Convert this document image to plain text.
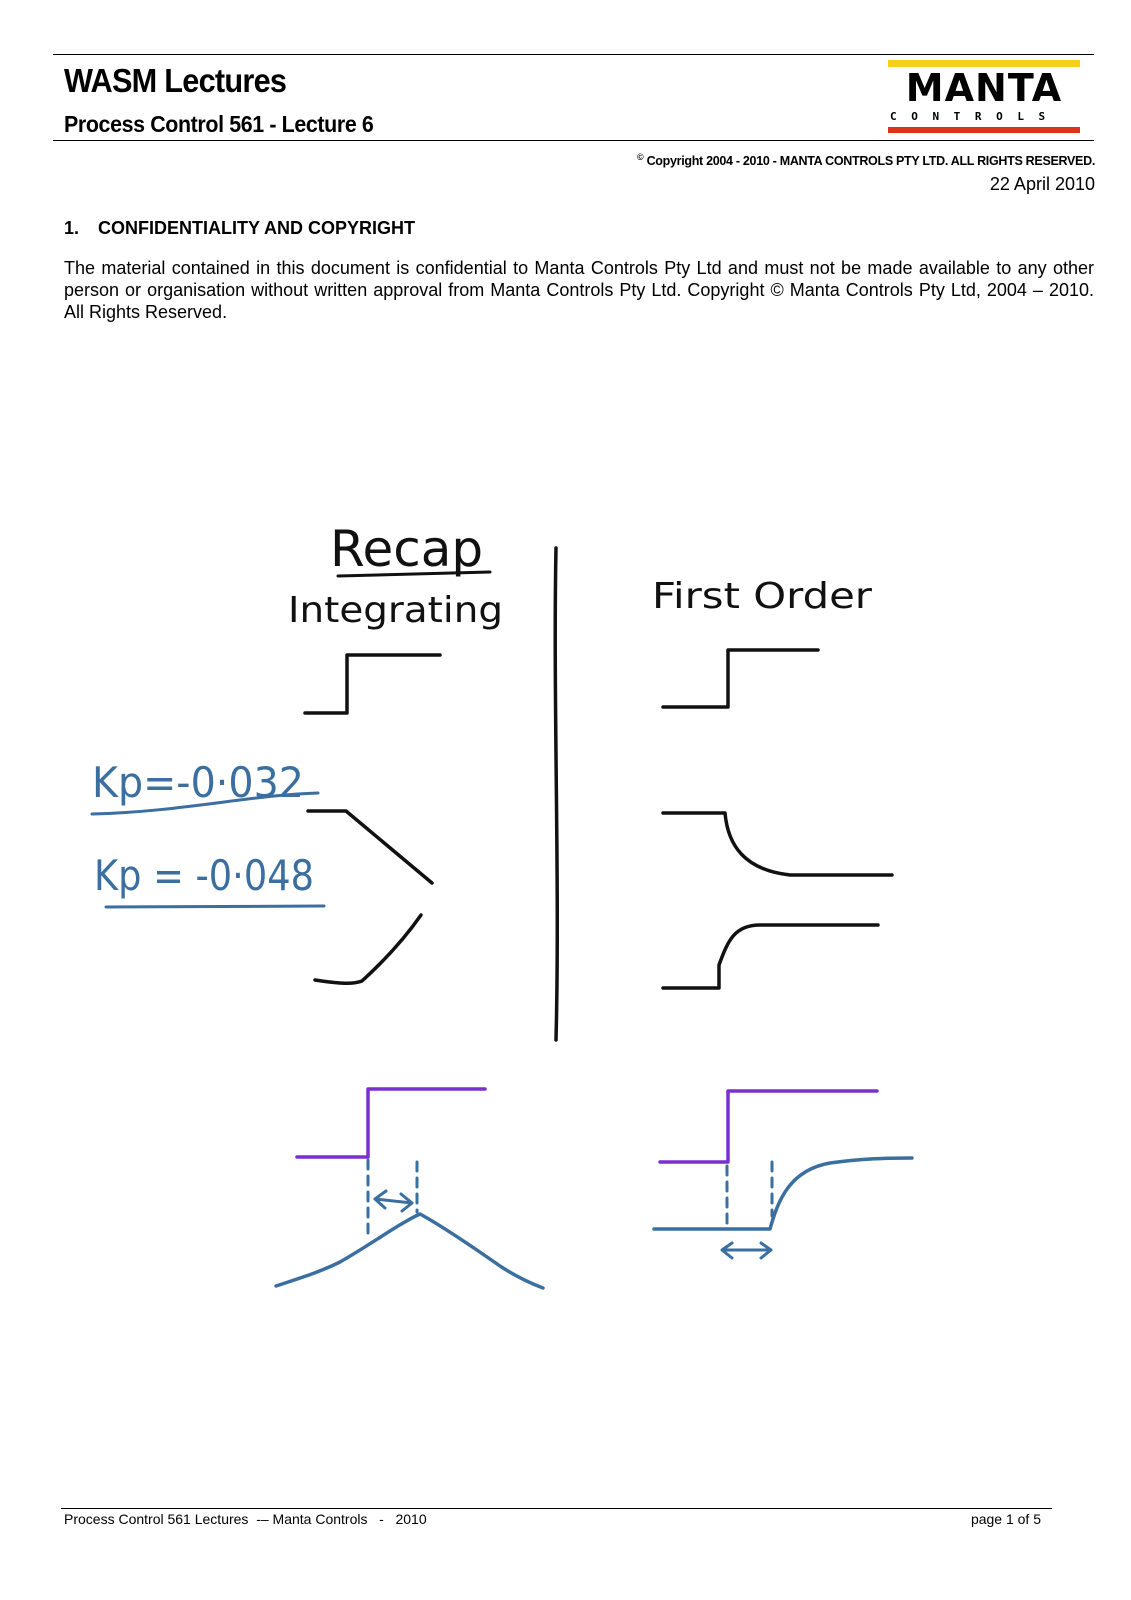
WASM Lectures
Process Control 561 - Lecture 6
MANTA
CONTROLS
© Copyright 2004 - 2010 - MANTA CONTROLS PTY LTD. ALL RIGHTS RESERVED.
22 April 2010
1. CONFIDENTIALITY AND COPYRIGHT

The material contained in this document is confidential to Manta Controls Pty Ltd and must not be made available to any other person or organisation without written approval from Manta Controls Pty Ltd. Copyright © Manta Controls Pty Ltd, 2004 – 2010. All Rights Reserved.

Recap
Integrating	First Order
Kp=-0·032
Kp = -0·048
Process Control 561 Lectures  -– Manta Controls   -   2010	page 1 of 5
